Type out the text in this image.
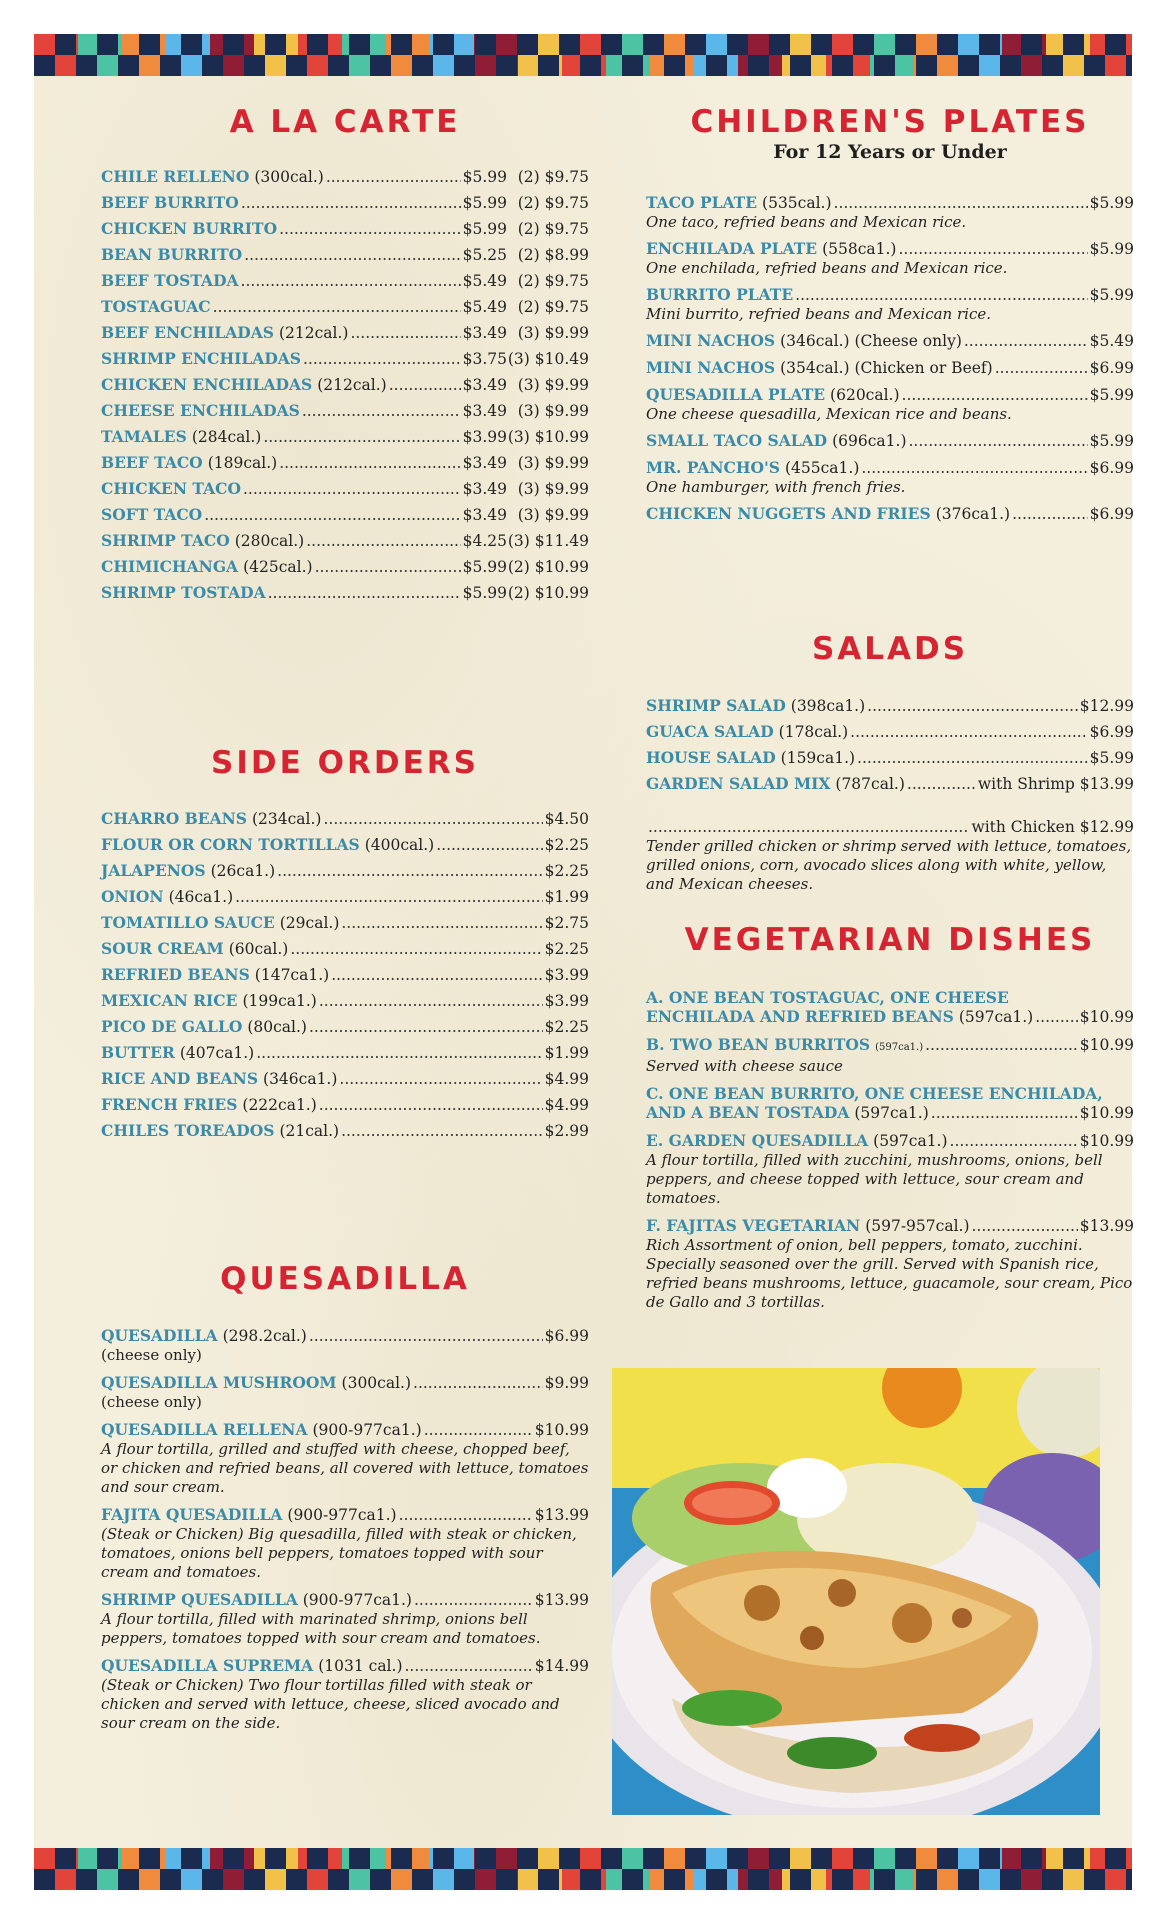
A LA CARTE
CHILE RELLENO (300cal.) .....	$5.99 (2) $9.75
BEEF BURRITO .....	$5.99 (2) $9.75
CHICKEN BURRITO .....	$5.99 (2) $9.75
BEAN BURRITO .....	$5.25 (2) $8.99
BEEF TOSTADA .....	$5.49 (2) $9.75
TOSTAGUAC .....	$5.49 (2) $9.75
BEEF ENCHILADAS (212cal.) .....	$3.49 (3) $9.99
SHRIMP ENCHILADAS .....	$3.75 (3) $10.49
CHICKEN ENCHILADAS (212cal.) .....	$3.49 (3) $9.99
CHEESE ENCHILADAS .....	$3.49 (3) $9.99
TAMALES (284cal.) .....	$3.99 (3) $10.99
BEEF TACO (189cal.) .....	$3.49 (3) $9.99
CHICKEN TACO .....	$3.49 (3) $9.99
SOFT TACO .....	$3.49 (3) $9.99
SHRIMP TACO (280cal.) .....	$4.25 (3) $11.49
CHIMICHANGA (425cal.) .....	$5.99 (2) $10.99
SHRIMP TOSTADA .....	$5.99 (2) $10.99
SIDE ORDERS
CHARRO BEANS (234cal.) .....	$4.50
FLOUR OR CORN TORTILLAS (400cal.) .....	$2.25
JALAPENOS (26ca1.) .....	$2.25
ONION (46ca1.) .....	$1.99
TOMATILLO SAUCE (29cal.) .....	$2.75
SOUR CREAM (60cal.) .....	$2.25
REFRIED BEANS (147ca1.) .....	$3.99
MEXICAN RICE (199ca1.) .....	$3.99
PICO DE GALLO (80cal.) .....	$2.25
BUTTER (407ca1.) .....	$1.99
RICE AND BEANS (346ca1.) .....	$4.99
FRENCH FRIES (222ca1.) .....	$4.99
CHILES TOREADOS (21cal.) .....	$2.99
QUESADILLA
QUESADILLA (298.2cal.) .....	$6.99
(cheese only)
QUESADILLA MUSHROOM (300cal.) .....	$9.99
(cheese only)
QUESADILLA RELLENA (900-977ca1.) .....	$10.99
A flour tortilla, grilled and stuffed with cheese, chopped beef, or chicken and refried beans, all covered with lettuce, tomatoes and sour cream.
FAJITA QUESADILLA (900-977ca1.) .....	$13.99
(Steak or Chicken) Big quesadilla, filled with steak or chicken, tomatoes, onions bell peppers, tomatoes topped with sour cream and tomatoes.
SHRIMP QUESADILLA (900-977ca1.) .....	$13.99
A flour tortilla, filled with marinated shrimp, onions bell peppers, tomatoes topped with sour cream and tomatoes.
QUESADILLA SUPREMA (1031 cal.) .....	$14.99
(Steak or Chicken) Two flour tortillas filled with steak or chicken and served with lettuce, cheese, sliced avocado and sour cream on the side.
CHILDREN'S PLATES
For 12 Years or Under
TACO PLATE (535cal.) .....	$5.99
One taco, refried beans and Mexican rice.
ENCHILADA PLATE (558ca1.) .....	$5.99
One enchilada, refried beans and Mexican rice.
BURRITO PLATE .....	$5.99
Mini burrito, refried beans and Mexican rice.
MINI NACHOS (346cal.) (Cheese only) .....	$5.49
MINI NACHOS (354cal.) (Chicken or Beef) .....	$6.99
QUESADILLA PLATE (620cal.) .....	$5.99
One cheese quesadilla, Mexican rice and beans.
SMALL TACO SALAD (696ca1.) .....	$5.99
MR. PANCHO'S (455ca1.) .....	$6.99
One hamburger, with french fries.
CHICKEN NUGGETS AND FRIES (376ca1.) .....	$6.99
SALADS
SHRIMP SALAD (398ca1.) .....	$12.99
GUACA SALAD (178cal.) .....	$6.99
HOUSE SALAD (159ca1.) .....	$5.99
GARDEN SALAD MIX (787cal.) .....	with Shrimp $13.99
.....
with Chicken $12.99
Tender grilled chicken or shrimp served with lettuce, tomatoes, grilled onions, corn, avocado slices along with white, yellow, and Mexican cheeses.
VEGETARIAN DISHES
A. ONE BEAN TOSTAGUAC, ONE CHEESE
ENCHILADA AND REFRIED BEANS (597ca1.) .....	$10.99
B. TWO BEAN BURRITOS (597ca1.) .....	$10.99
Served with cheese sauce
C. ONE BEAN BURRITO, ONE CHEESE ENCHILADA,
AND A BEAN TOSTADA (597ca1.) .....	$10.99
E. GARDEN QUESADILLA (597ca1.) .....	$10.99
A flour tortilla, filled with zucchini, mushrooms, onions, bell peppers, and cheese topped with lettuce, sour cream and tomatoes.
F. FAJITAS VEGETARIAN (597-957cal.) .....	$13.99
Rich Assortment of onion, bell peppers, tomato, zucchini. Specially seasoned over the grill. Served with Spanish rice, refried beans mushrooms, lettuce, guacamole, sour cream, Pico de Gallo and 3 tortillas.
